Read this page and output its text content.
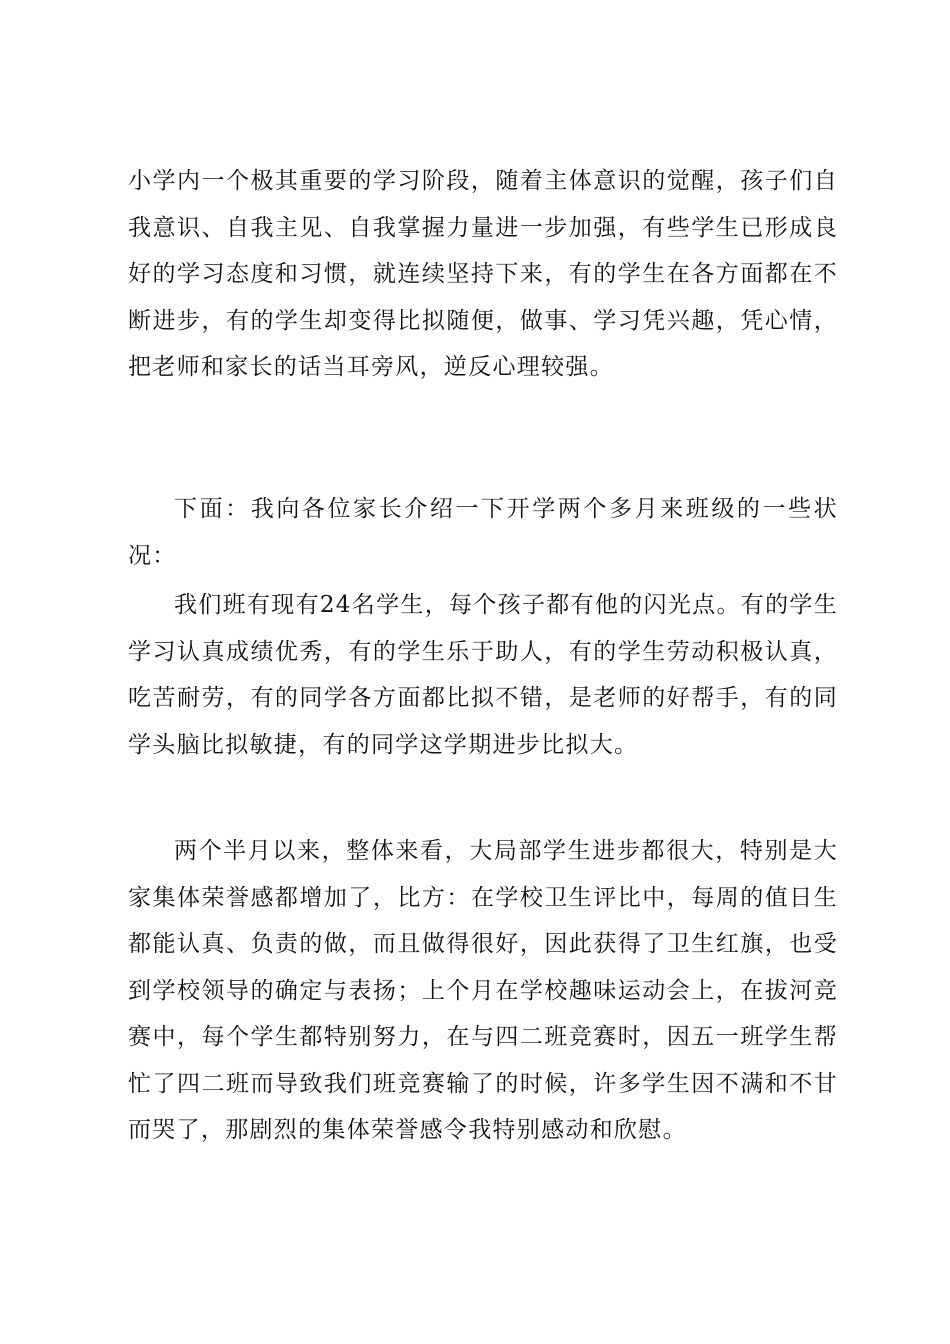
小学内一个极其重要的学习阶段，随着主体意识的觉醒，孩子们自我意识、自我主见、自我掌握力量进一步加强，有些学生已形成良好的学习态度和习惯，就连续坚持下来，有的学生在各方面都在不断进步，有的学生却变得比拟随便，做事、学习凭兴趣，凭心情，把老师和家长的话当耳旁风，逆反心理较强。

下面：我向各位家长介绍一下开学两个多月来班级的一些状况：

我们班有现有24名学生，每个孩子都有他的闪光点。有的学生学习认真成绩优秀，有的学生乐于助人，有的学生劳动积极认真，吃苦耐劳，有的同学各方面都比拟不错，是老师的好帮手，有的同学头脑比拟敏捷，有的同学这学期进步比拟大。

两个半月以来，整体来看，大局部学生进步都很大，特别是大家集体荣誉感都增加了，比方：在学校卫生评比中，每周的值日生都能认真、负责的做，而且做得很好，因此获得了卫生红旗，也受到学校领导的确定与表扬；上个月在学校趣味运动会上，在拔河竞赛中，每个学生都特别努力，在与四二班竞赛时，因五一班学生帮忙了四二班而导致我们班竞赛输了的时候，许多学生因不满和不甘而哭了，那剧烈的集体荣誉感令我特别感动和欣慰。
